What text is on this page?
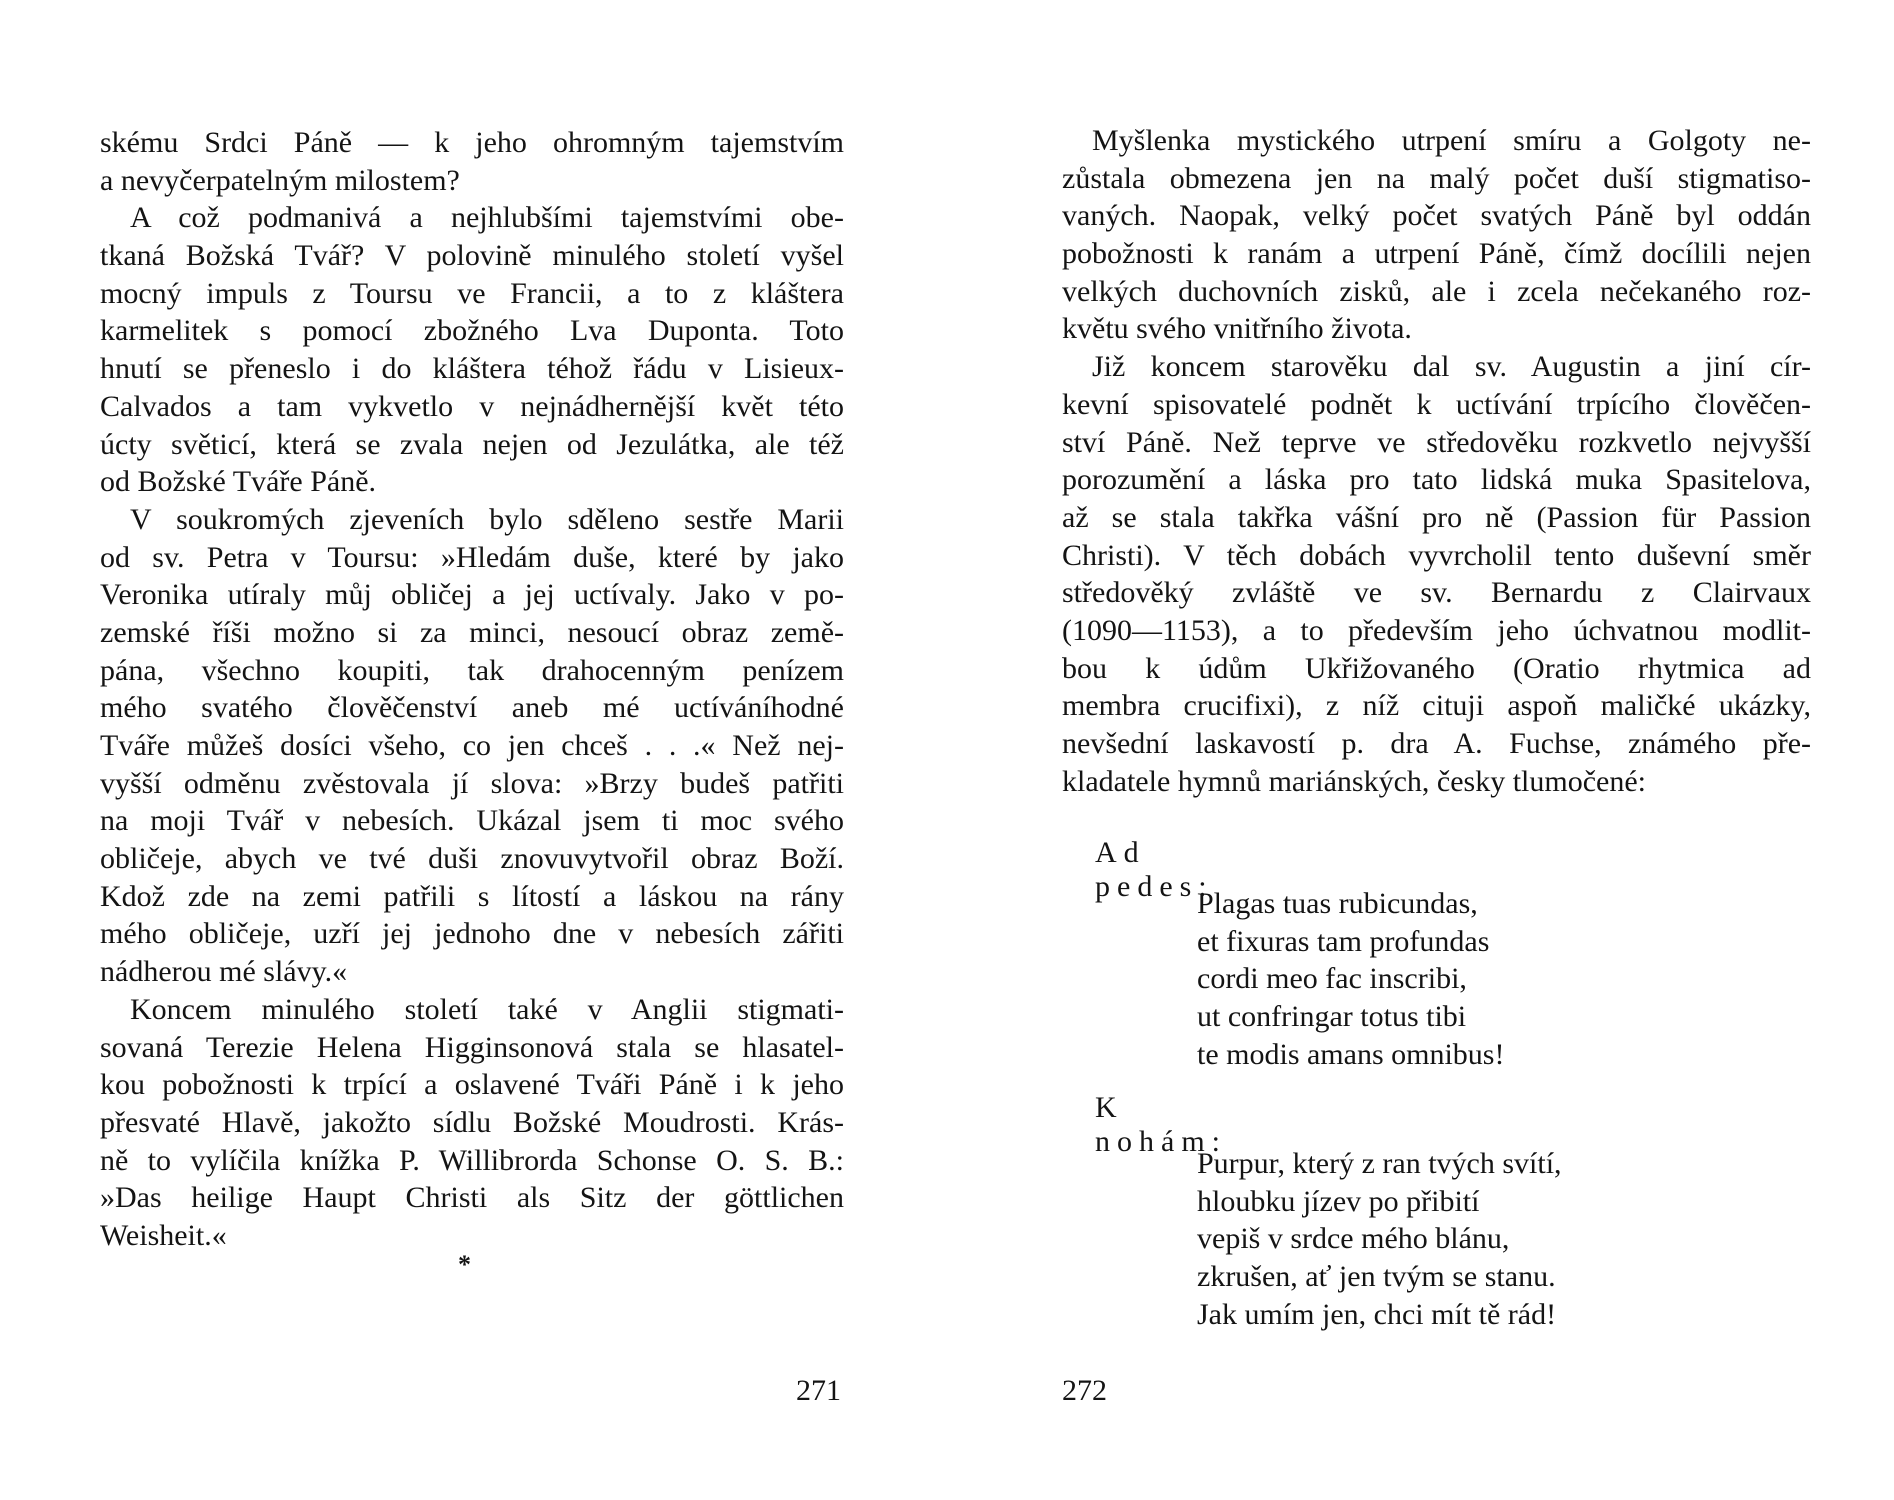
skému Srdci Páně — k jeho ohromným tajemstvím
a nevyčerpatelným milostem?
A což podmanivá a nejhlubšími tajemstvími obe-
tkaná Božská Tvář? V polovině minulého století vyšel
mocný impuls z Toursu ve Francii, a to z kláštera
karmelitek s pomocí zbožného Lva Duponta. Toto
hnutí se přeneslo i do kláštera téhož řádu v Lisieux-
Calvados a tam vykvetlo v nejnádhernější květ této
úcty světicí, která se zvala nejen od Jezulátka, ale též
od Božské Tváře Páně.
V soukromých zjeveních bylo sděleno sestře Marii
od sv. Petra v Toursu: »Hledám duše, které by jako
Veronika utíraly můj obličej a jej uctívaly. Jako v po-
zemské říši možno si za minci, nesoucí obraz země-
pána, všechno koupiti, tak drahocenným penízem
mého svatého člověčenství aneb mé uctíváníhodné
Tváře můžeš dosíci všeho, co jen chceš . . .« Než nej-
vyšší odměnu zvěstovala jí slova: »Brzy budeš patřiti
na moji Tvář v nebesích. Ukázal jsem ti moc svého
obličeje, abych ve tvé duši znovuvytvořil obraz Boží.
Kdož zde na zemi patřili s lítostí a láskou na rány
mého obličeje, uzří jej jednoho dne v nebesích zářiti
nádherou mé slávy.«
Koncem minulého století také v Anglii stigmati-
sovaná Terezie Helena Higginsonová stala se hlasatel-
kou pobožnosti k trpící a oslavené Tváři Páně i k jeho
přesvaté Hlavě, jakožto sídlu Božské Moudrosti. Krás-
ně to vylíčila knížka P. Willibrorda Schonse O. S. B.:
»Das heilige Haupt Christi als Sitz der göttlichen
Weisheit.«
*
271
Myšlenka mystického utrpení smíru a Golgoty ne-
zůstala obmezena jen na malý počet duší stigmatiso-
vaných. Naopak, velký počet svatých Páně byl oddán
pobožnosti k ranám a utrpení Páně, čímž docílili nejen
velkých duchovních zisků, ale i zcela nečekaného roz-
květu svého vnitřního života.
Již koncem starověku dal sv. Augustin a jiní cír-
kevní spisovatelé podnět k uctívání trpícího člověčen-
ství Páně. Než teprve ve středověku rozkvetlo nejvyšší
porozumění a láska pro tato lidská muka Spasitelova,
až se stala takřka vášní pro ně (Passion für Passion
Christi). V těch dobách vyvrcholil tento duševní směr
středověký zvláště ve sv. Bernardu z Clairvaux
(1090—1153), a to především jeho úchvatnou modlit-
bou k údům Ukřižovaného (Oratio rhytmica ad
membra crucifixi), z níž cituji aspoň maličké ukázky,
nevšední laskavostí p. dra A. Fuchse, známého pře-
kladatele hymnů mariánských, česky tlumočené:
Ad pedes:
Plagas tuas rubicundas,
et fixuras tam profundas
cordi meo fac inscribi,
ut confringar totus tibi
te modis amans omnibus!
K nohám:
Purpur, který z ran tvých svítí,
hloubku jízev po přibití
vepiš v srdce mého blánu,
zkrušen, ať jen tvým se stanu.
Jak umím jen, chci mít tě rád!
272
